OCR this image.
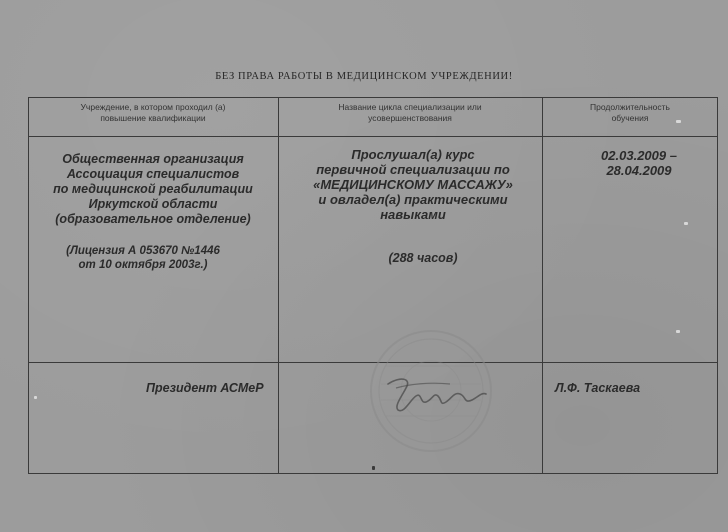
БЕЗ ПРАВА РАБОТЫ В МЕДИЦИНСКОМ УЧРЕЖДЕНИИ!
Учреждение, в котором проходил (а)
повышение квалификации
Название цикла специализации или
усовершенствования
Продолжительность
обучения
Общественная организация
Ассоциация специалистов
по медицинской реабилитации
Иркутской области
(образовательное отделение)
(Лицензия А 053670 №1446
от 10 октября 2003г.)
Прослушал(а) курс
первичной специализации по
«МЕДИЦИНСКОМУ МАССАЖУ»
и овладел(а) практическими
навыками
(288 часов)
02.03.2009 –
28.04.2009
Президент АСМеР	Л.Ф. Таскаева
